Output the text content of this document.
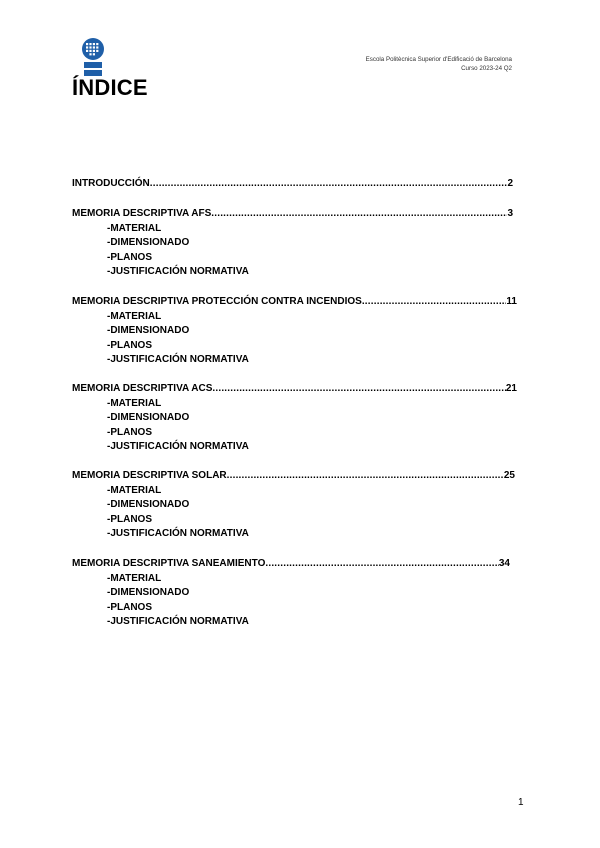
Escola Politècnica Superior d'Edificació de Barcelona
Curso 2023-24 Q2
ÍNDICE
INTRODUCCIÓN .....	2
MEMORIA DESCRIPTIVA AFS .....	3
-MATERIAL
-DIMENSIONADO
-PLANOS
-JUSTIFICACIÓN NORMATIVA
MEMORIA DESCRIPTIVA PROTECCIÓN CONTRA INCENDIOS .....	11
-MATERIAL
-DIMENSIONADO
-PLANOS
-JUSTIFICACIÓN NORMATIVA
MEMORIA DESCRIPTIVA ACS .....	21
-MATERIAL
-DIMENSIONADO
-PLANOS
-JUSTIFICACIÓN NORMATIVA
MEMORIA DESCRIPTIVA SOLAR .....	25
-MATERIAL
-DIMENSIONADO
-PLANOS
-JUSTIFICACIÓN NORMATIVA
MEMORIA DESCRIPTIVA SANEAMIENTO .....	34
-MATERIAL
-DIMENSIONADO
-PLANOS
-JUSTIFICACIÓN NORMATIVA
1
